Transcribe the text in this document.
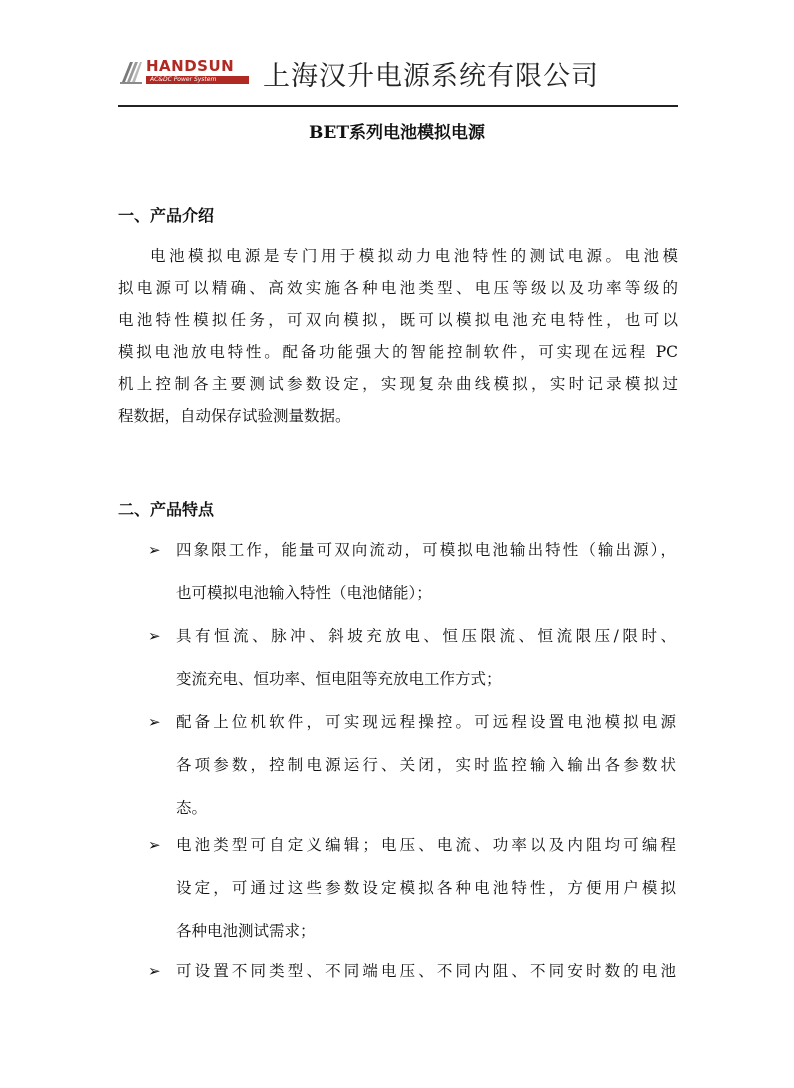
HANDSUN
AC&DC Power System 上海汉升电源系统有限公司
BET系列电池模拟电源
一、产品介绍
电池模拟电源是专门用于模拟动力电池特性的测试电源。电池模
拟电源可以精确、高效实施各种电池类型、电压等级以及功率等级的
电池特性模拟任务，可双向模拟，既可以模拟电池充电特性，也可以
模拟电池放电特性。配备功能强大的智能控制软件，可实现在远程 PC
机上控制各主要测试参数设定，实现复杂曲线模拟，实时记录模拟过
程数据，自动保存试验测量数据。
二、产品特点
➢ 四象限工作，能量可双向流动，可模拟电池输出特性（输出源），
也可模拟电池输入特性（电池储能）；
➢ 具有恒流、脉冲、斜坡充放电、恒压限流、恒流限压/限时、
变流充电、恒功率、恒电阻等充放电工作方式；
➢ 配备上位机软件，可实现远程操控。可远程设置电池模拟电源
各项参数，控制电源运行、关闭，实时监控输入输出各参数状
态。
➢ 电池类型可自定义编辑；电压、电流、功率以及内阻均可编程
设定，可通过这些参数设定模拟各种电池特性，方便用户模拟
各种电池测试需求；
➢ 可设置不同类型、不同端电压、不同内阻、不同安时数的电池
